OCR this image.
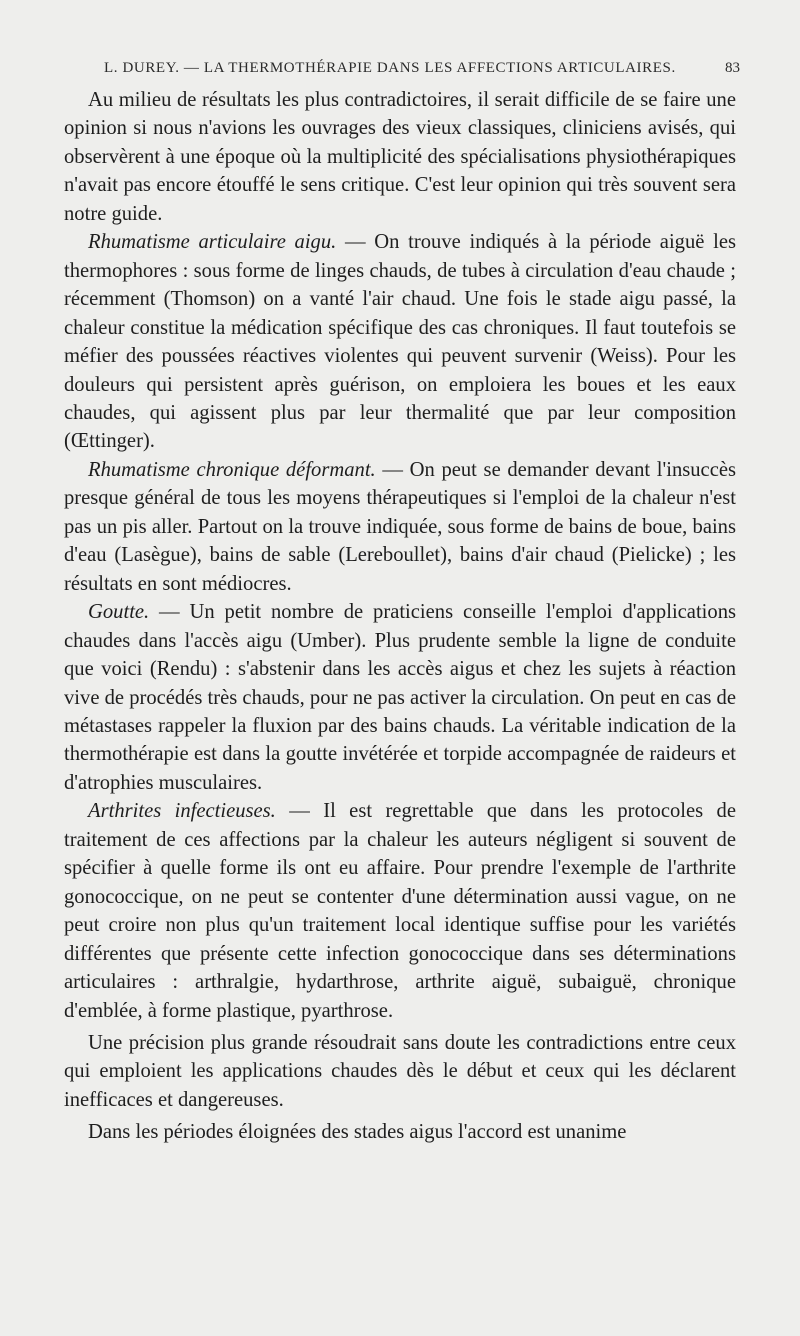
L. DUREY. — LA THERMOTHÉRAPIE DANS LES AFFECTIONS ARTICULAIRES.	83

Au milieu de résultats les plus contradictoires, il serait difficile de se faire une opinion si nous n'avions les ouvrages des vieux classiques, cliniciens avisés, qui observèrent à une époque où la multiplicité des spécialisations physiothérapiques n'avait pas encore étouffé le sens critique. C'est leur opinion qui très souvent sera notre guide.

Rhumatisme articulaire aigu. — On trouve indiqués à la période aiguë les thermophores : sous forme de linges chauds, de tubes à circulation d'eau chaude ; récemment (Thomson) on a vanté l'air chaud. Une fois le stade aigu passé, la chaleur constitue la médication spécifique des cas chroniques. Il faut toutefois se méfier des poussées réactives violentes qui peuvent survenir (Weiss). Pour les douleurs qui persistent après guérison, on emploiera les boues et les eaux chaudes, qui agissent plus par leur thermalité que par leur composition (Œttinger).

Rhumatisme chronique déformant. — On peut se demander devant l'insuccès presque général de tous les moyens thérapeutiques si l'emploi de la chaleur n'est pas un pis aller. Partout on la trouve indiquée, sous forme de bains de boue, bains d'eau (Lasègue), bains de sable (Lereboullet), bains d'air chaud (Pielicke) ; les résultats en sont médiocres.

Goutte. — Un petit nombre de praticiens conseille l'emploi d'applications chaudes dans l'accès aigu (Umber). Plus prudente semble la ligne de conduite que voici (Rendu) : s'abstenir dans les accès aigus et chez les sujets à réaction vive de procédés très chauds, pour ne pas activer la circulation. On peut en cas de métastases rappeler la fluxion par des bains chauds. La véritable indication de la thermothérapie est dans la goutte invétérée et torpide accompagnée de raideurs et d'atrophies musculaires.

Arthrites infectieuses. — Il est regrettable que dans les protocoles de traitement de ces affections par la chaleur les auteurs négligent si souvent de spécifier à quelle forme ils ont eu affaire. Pour prendre l'exemple de l'arthrite gonococcique, on ne peut se contenter d'une détermination aussi vague, on ne peut croire non plus qu'un traitement local identique suffise pour les variétés différentes que présente cette infection gonococcique dans ses déterminations articulaires : arthralgie, hydarthrose, arthrite aiguë, subaiguë, chronique d'emblée, à forme plastique, pyarthrose.

Une précision plus grande résoudrait sans doute les contradictions entre ceux qui emploient les applications chaudes dès le début et ceux qui les déclarent inefficaces et dangereuses.

Dans les périodes éloignées des stades aigus l'accord est unanime
